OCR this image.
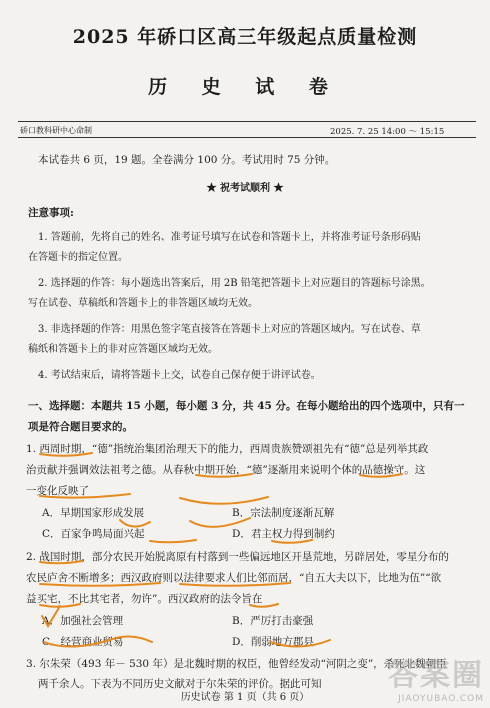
2025 年硚口区高三年级起点质量检测
历 史 试 卷
硚口教科研中心命制	2025. 7. 25 14:00 ～ 15:15
本试卷共 6 页，19 题。全卷满分 100 分。考试用时 75 分钟。
★ 祝考试顺利 ★
注意事项:
1. 答题前，先将自己的姓名、准考证号填写在试卷和答题卡上，并将准考证号条形码贴
在答题卡的指定位置。
2. 选择题的作答：每小题选出答案后，用 2B 铅笔把答题卡上对应题目的答题标号涂黑。
写在试卷、草稿纸和答题卡上的非答题区域均无效。
3. 非选择题的作答：用黑色签字笔直接答在答题卡上对应的答题区域内。写在试卷、草
稿纸和答题卡上的非对应答题区域均无效。
4. 考试结束后，请将答题卡上交，试卷自己保存便于讲评试卷。
一、选择题：本题共 15 小题，每小题 3 分，共 45 分。在每小题给出的四个选项中，只有一
项是符合题目要求的。
1. 西周时期，“德”指统治集团治理天下的能力，西周贵族赞颂祖先有“德”总是列举其政
治贡献并强调效法祖考之德。从春秋中期开始，“德”逐渐用来说明个体的品德操守。这
一变化反映了
A．早期国家形成发展	B．宗法制度逐渐瓦解
C．百家争鸣局面兴起	D．君主权力得到制约
2. 战国时期，部分农民开始脱离原有村落到一些偏远地区开垦荒地，另辟居处，零星分布的
农民庐舍不断增多；西汉政府则以法律要求人们比邻而居，“自五大夫以下，比地为伍”“欲
益买宅，不比其宅者，勿许”。西汉政府的法令旨在
A．加强社会管理	B．严厉打击豪强
C．经营商业贸易	D．削弱地方郡县
3. 尔朱荣（493 年－ 530 年）是北魏时期的权臣，他曾经发动“河阴之变”，杀死北魏朝臣
两千余人。下表为不同历史文献对于尔朱荣的评价。据此可知 答案圈
JIAOYUBAO.COM
历史试卷 第 1 页（共 6 页）
